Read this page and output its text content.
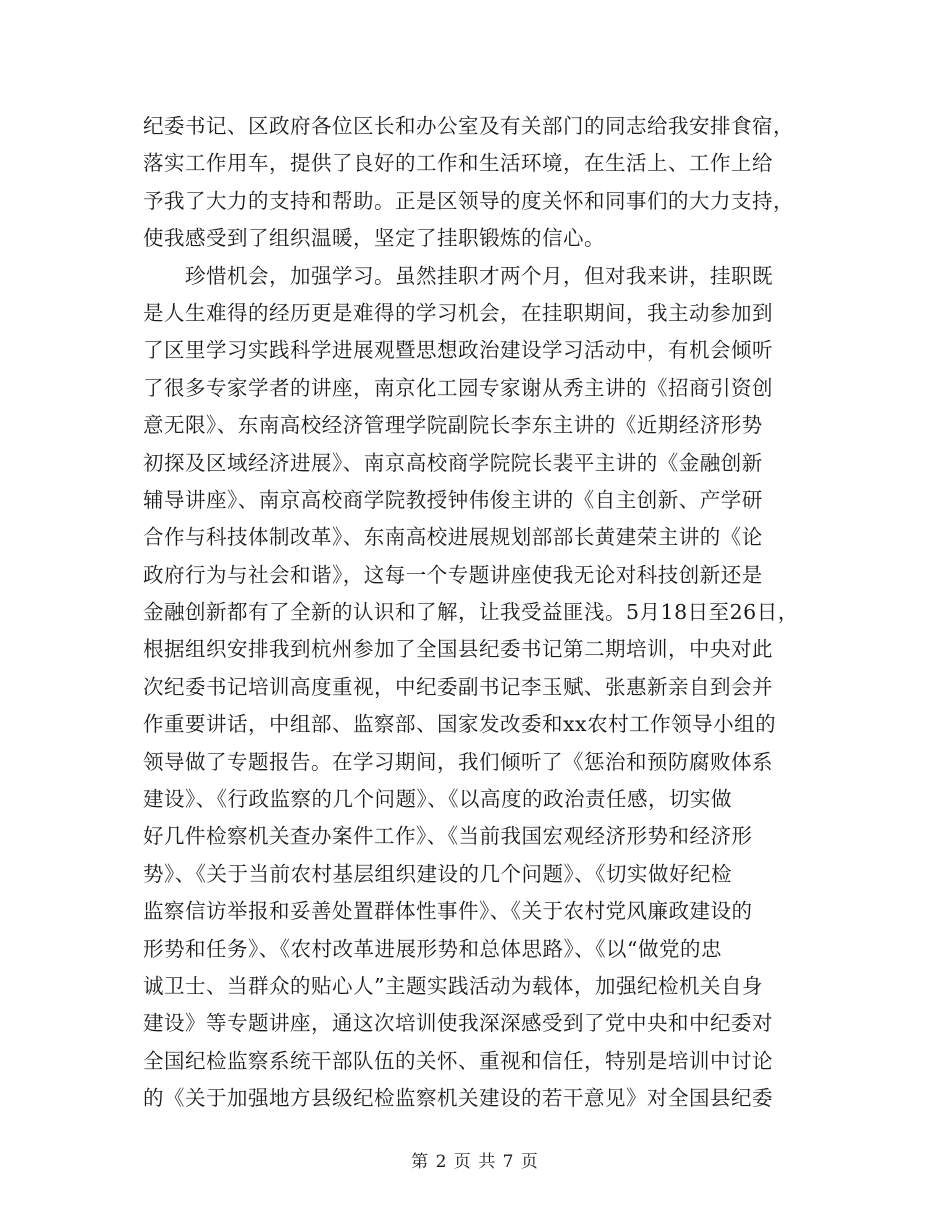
纪委书记、区政府各位区长和办公室及有关部门的同志给我安排食宿，
落实工作用车，提供了良好的工作和生活环境，在生活上、工作上给
予我了大力的支持和帮助。正是区领导的度关怀和同事们的大力支持，
使我感受到了组织温暖，坚定了挂职锻炼的信心。
珍惜机会，加强学习。虽然挂职才两个月，但对我来讲，挂职既
是人生难得的经历更是难得的学习机会，在挂职期间，我主动参加到
了区里学习实践科学进展观暨思想政治建设学习活动中，有机会倾听
了很多专家学者的讲座，南京化工园专家谢从秀主讲的《招商引资创
意无限》、东南高校经济管理学院副院长李东主讲的《近期经济形势
初探及区域经济进展》、南京高校商学院院长裴平主讲的《金融创新
辅导讲座》、南京高校商学院教授钟伟俊主讲的《自主创新、产学研
合作与科技体制改革》、东南高校进展规划部部长黄建荣主讲的《论
政府行为与社会和谐》，这每一个专题讲座使我无论对科技创新还是
金融创新都有了全新的认识和了解，让我受益匪浅。5月18日至26日，
根据组织安排我到杭州参加了全国县纪委书记第二期培训，中央对此
次纪委书记培训高度重视，中纪委副书记李玉赋、张惠新亲自到会并
作重要讲话，中组部、监察部、国家发改委和xx农村工作领导小组的
领导做了专题报告。在学习期间，我们倾听了《惩治和预防腐败体系
建设》、《行政监察的几个问题》、《以高度的政治责任感，切实做
好几件检察机关查办案件工作》、《当前我国宏观经济形势和经济形
势》、《关于当前农村基层组织建设的几个问题》、《切实做好纪检
监察信访举报和妥善处置群体性事件》、《关于农村党风廉政建设的
形势和任务》、《农村改革进展形势和总体思路》、《以“做党的忠
诚卫士、当群众的贴心人”主题实践活动为载体，加强纪检机关自身
建设》等专题讲座，通这次培训使我深深感受到了党中央和中纪委对
全国纪检监察系统干部队伍的关怀、重视和信任，特别是培训中讨论
的《关于加强地方县级纪检监察机关建设的若干意见》对全国县纪委
第 2 页 共 7 页
